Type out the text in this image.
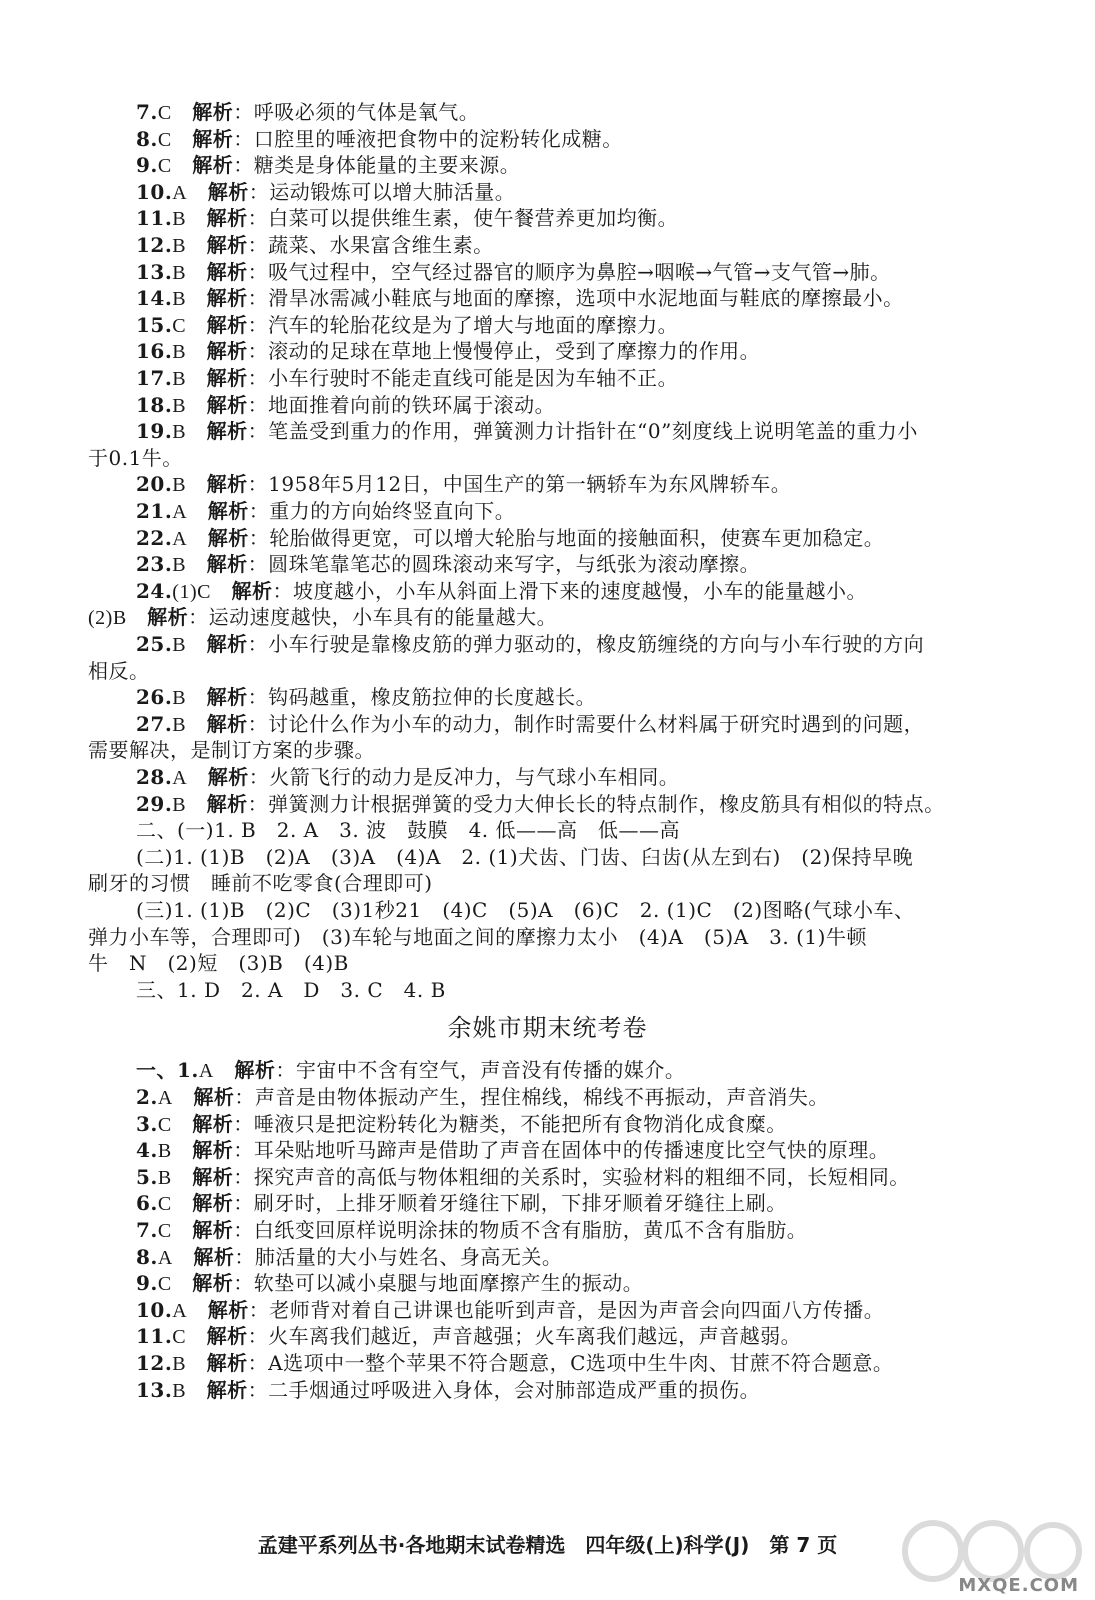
7.C  解析：呼吸必须的气体是氧气。
8.C  解析：口腔里的唾液把食物中的淀粉转化成糖。
9.C  解析：糖类是身体能量的主要来源。
10.A  解析：运动锻炼可以增大肺活量。
11.B  解析：白菜可以提供维生素，使午餐营养更加均衡。
12.B  解析：蔬菜、水果富含维生素。
13.B  解析：吸气过程中，空气经过器官的顺序为鼻腔→咽喉→气管→支气管→肺。
14.B  解析：滑旱冰需减小鞋底与地面的摩擦，选项中水泥地面与鞋底的摩擦最小。
15.C  解析：汽车的轮胎花纹是为了增大与地面的摩擦力。
16.B  解析：滚动的足球在草地上慢慢停止，受到了摩擦力的作用。
17.B  解析：小车行驶时不能走直线可能是因为车轴不正。
18.B  解析：地面推着向前的铁环属于滚动。
19.B  解析：笔盖受到重力的作用，弹簧测力计指针在“0”刻度线上说明笔盖的重力小
于0.1牛。
20.B  解析：1958年5月12日，中国生产的第一辆轿车为东风牌轿车。
21.A  解析：重力的方向始终竖直向下。
22.A  解析：轮胎做得更宽，可以增大轮胎与地面的接触面积，使赛车更加稳定。
23.B  解析：圆珠笔靠笔芯的圆珠滚动来写字，与纸张为滚动摩擦。
24.(1)C  解析：坡度越小，小车从斜面上滑下来的速度越慢，小车的能量越小。
(2)B  解析：运动速度越快，小车具有的能量越大。
25.B  解析：小车行驶是靠橡皮筋的弹力驱动的，橡皮筋缠绕的方向与小车行驶的方向
相反。
26.B  解析：钩码越重，橡皮筋拉伸的长度越长。
27.B  解析：讨论什么作为小车的动力，制作时需要什么材料属于研究时遇到的问题，
需要解决，是制订方案的步骤。
28.A  解析：火箭飞行的动力是反冲力，与气球小车相同。
29.B  解析：弹簧测力计根据弹簧的受力大伸长长的特点制作，橡皮筋具有相似的特点。
二、(一)1. B　2. A　3. 波　鼓膜　4. 低——高　低——高
(二)1. (1)B　(2)A　(3)A　(4)A　2. (1)犬齿、门齿、臼齿(从左到右)　(2)保持早晚
刷牙的习惯　睡前不吃零食(合理即可)
(三)1. (1)B　(2)C　(3)1秒21　(4)C　(5)A　(6)C　2. (1)C　(2)图略(气球小车、
弹力小车等，合理即可)　(3)车轮与地面之间的摩擦力太小　(4)A　(5)A　3. (1)牛顿
牛　N　(2)短　(3)B　(4)B
三、1. D　2. A　D　3. C　4. B
余姚市期末统考卷
一、1.A  解析：宇宙中不含有空气，声音没有传播的媒介。
2.A  解析：声音是由物体振动产生，捏住棉线，棉线不再振动，声音消失。
3.C  解析：唾液只是把淀粉转化为糖类，不能把所有食物消化成食糜。
4.B  解析：耳朵贴地听马蹄声是借助了声音在固体中的传播速度比空气快的原理。
5.B  解析：探究声音的高低与物体粗细的关系时，实验材料的粗细不同，长短相同。
6.C  解析：刷牙时，上排牙顺着牙缝往下刷，下排牙顺着牙缝往上刷。
7.C  解析：白纸变回原样说明涂抹的物质不含有脂肪，黄瓜不含有脂肪。
8.A  解析：肺活量的大小与姓名、身高无关。
9.C  解析：软垫可以减小桌腿与地面摩擦产生的振动。
10.A  解析：老师背对着自己讲课也能听到声音，是因为声音会向四面八方传播。
11.C  解析：火车离我们越近，声音越强；火车离我们越远，声音越弱。
12.B  解析：A选项中一整个苹果不符合题意，C选项中生牛肉、甘蔗不符合题意。
13.B  解析：二手烟通过呼吸进入身体，会对肺部造成严重的损伤。
孟建平系列丛书·各地期末试卷精选　四年级(上)科学(J)　第 7 页
MXQE.COM
